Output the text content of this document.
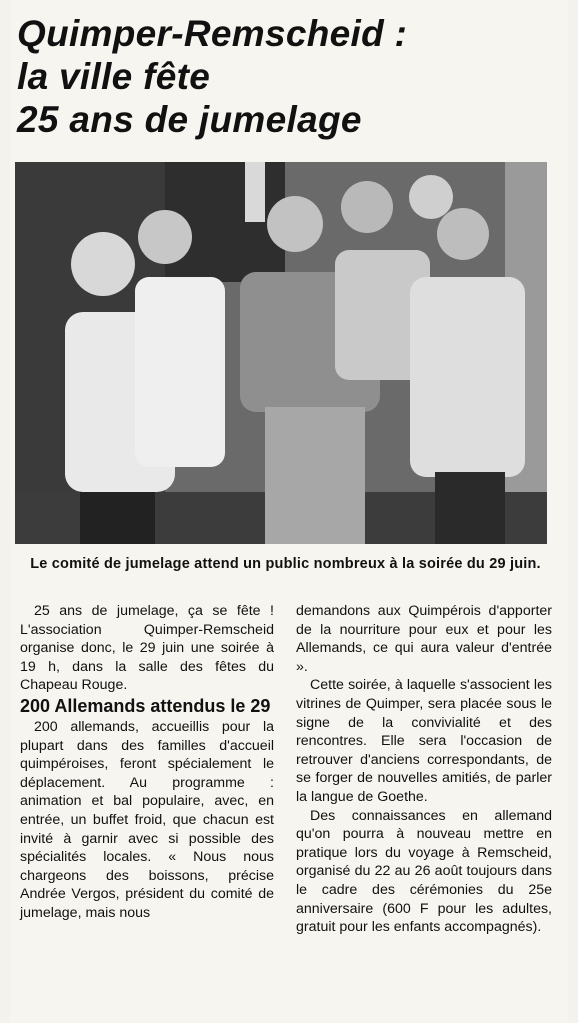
Quimper-Remscheid :
la ville fête
25 ans de jumelage
Le comité de jumelage attend un public nombreux à la soirée du 29 juin.

25 ans de jumelage, ça se fête ! L'association Quimper-Remscheid organise donc, le 29 juin une soirée à 19 h, dans la salle des fêtes du Chapeau Rouge.

200 Allemands attendus le 29

200 allemands, accueillis pour la plupart dans des familles d'accueil quimpéroises, feront spécialement le déplacement. Au programme : animation et bal populaire, avec, en entrée, un buffet froid, que chacun est invité à garnir avec si possible des spécialités locales. « Nous nous chargeons des boissons, précise Andrée Vergos, président du comité de jumelage, mais nous

demandons aux Quimpérois d'apporter de la nourriture pour eux et pour les Allemands, ce qui aura valeur d'entrée ».

Cette soirée, à laquelle s'associent les vitrines de Quimper, sera placée sous le signe de la convivialité et des rencontres. Elle sera l'occasion de retrouver d'anciens correspondants, de se forger de nouvelles amitiés, de parler la langue de Goethe.

Des connaissances en allemand qu'on pourra à nouveau mettre en pratique lors du voyage à Remscheid, organisé du 22 au 26 août toujours dans le cadre des cérémonies du 25e anniversaire (600 F pour les adultes, gratuit pour les enfants accompagnés).
